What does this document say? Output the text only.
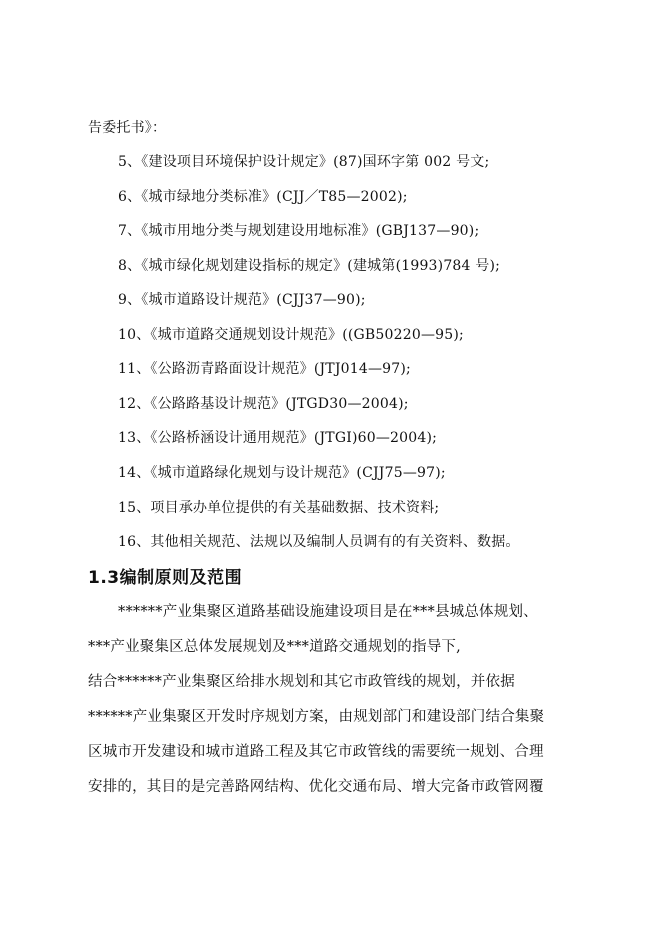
告委托书》：
5、《建设项目环境保护设计规定》(87)国环字第 002 号文;
6、《城市绿地分类标准》(CJJ／T85—2002);
7、《城市用地分类与规划建设用地标准》(GBJ137—90);
8、《城市绿化规划建设指标的规定》(建城第(1993)784 号);
9、《城市道路设计规范》(CJJ37—90);
10、《城市道路交通规划设计规范》((GB50220—95);
11、《公路沥青路面设计规范》(JTJ014—97);
12、《公路路基设计规范》(JTGD30—2004);
13、《公路桥涵设计通用规范》(JTGI)60—2004);
14、《城市道路绿化规划与设计规范》(CJJ75—97);
15、项目承办单位提供的有关基础数据、技术资料;
16、其他相关规范、法规以及编制人员调有的有关资料、数据。
1.3编制原则及范围
******产业集聚区道路基础设施建设项目是在***县城总体规划、
***产业聚集区总体发展规划及***道路交通规划的指导下,
结合******产业集聚区给排水规划和其它市政管线的规划，并依据
******产业集聚区开发时序规划方案，由规划部门和建设部门结合集聚
区城市开发建设和城市道路工程及其它市政管线的需要统一规划、合理
安排的，其目的是完善路网结构、优化交通布局、增大完备市政管网覆
